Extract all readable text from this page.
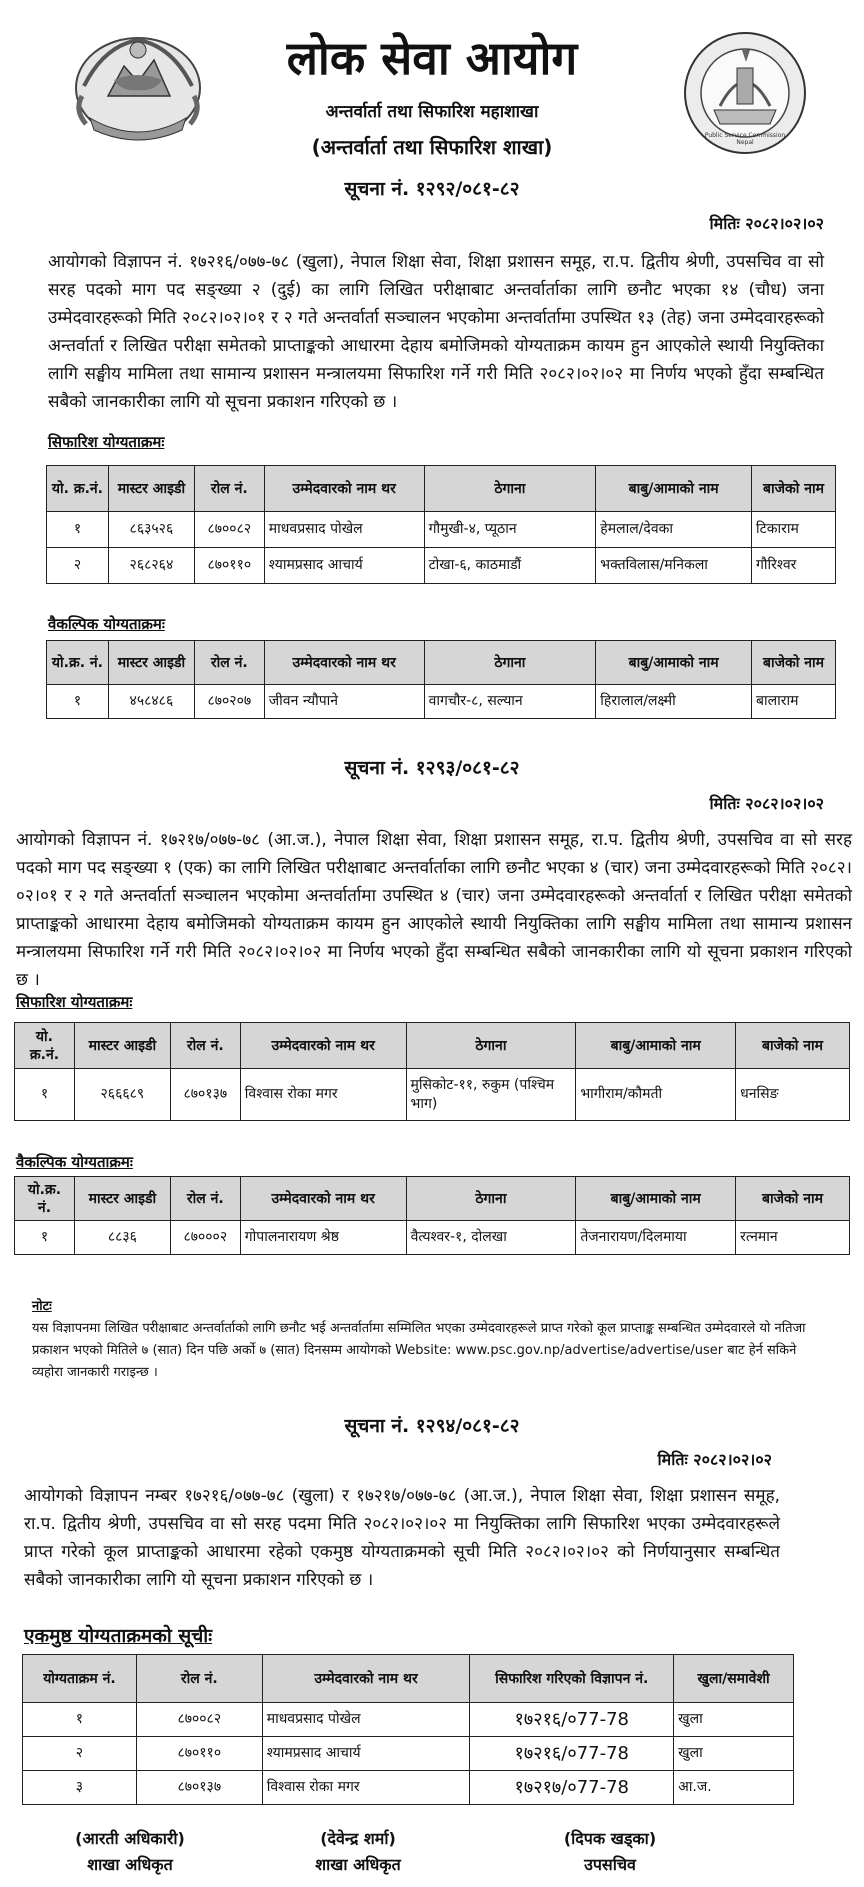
लोक सेवा आयोग
अन्तर्वार्ता तथा सिफारिश महाशाखा
(अन्तर्वार्ता तथा सिफारिश शाखा)	Public Service Commission Nepal
सूचना नं. १२९२/०८१-८२
मितिः २०८२।०२।०२
आयोगको विज्ञापन नं. १७२१६/०७७-७८ (खुला), नेपाल शिक्षा सेवा, शिक्षा प्रशासन समूह, रा.प. द्वितीय श्रेणी, उपसचिव वा सो सरह पदको माग पद सङ्ख्या २ (दुई) का लागि लिखित परीक्षाबाट अन्तर्वार्ताका लागि छनौट भएका १४ (चौध) जना उम्मेदवारहरूको मिति २०८२।०२।०१ र २ गते अन्तर्वार्ता सञ्चालन भएकोमा अन्तर्वार्तामा उपस्थित १३ (तेह) जना उम्मेदवारहरूको अन्तर्वार्ता र लिखित परीक्षा समेतको प्राप्ताङ्कको आधारमा देहाय बमोजिमको योग्यताक्रम कायम हुन आएकोले स्थायी नियुक्तिका लागि सङ्घीय मामिला तथा सामान्य प्रशासन मन्त्रालयमा सिफारिश गर्ने गरी मिति २०८२।०२।०२ मा निर्णय भएको हुँदा सम्बन्धित सबैको जानकारीका लागि यो सूचना प्रकाशन गरिएको छ ।
सिफारिश योग्यताक्रमः
यो. क्र.नं.	मास्टर आइडी	रोल नं.	उम्मेदवारको नाम थर	ठेगाना	बाबु/आमाको नाम	बाजेको नाम
१	८६३५२६	८७००८२	माधवप्रसाद पोखेल	गौमुखी-४, प्यूठान	हेमलाल/देवका	टिकाराम
२	२६८२६४	८७०११०	श्यामप्रसाद आचार्य	टोखा-६, काठमाडौं	भक्तविलास/मनिकला	गौरिश्वर
वैकल्पिक योग्यताक्रमः
यो.क्र. नं.	मास्टर आइडी	रोल नं.	उम्मेदवारको नाम थर	ठेगाना	बाबु/आमाको नाम	बाजेको नाम
१	४५८४८६	८७०२०७	जीवन न्यौपाने	वागचौर-८, सल्यान	हिरालाल/लक्ष्मी	बालाराम
सूचना नं. १२९३/०८१-८२
मितिः २०८२।०२।०२
आयोगको विज्ञापन नं. १७२१७/०७७-७८ (आ.ज.), नेपाल शिक्षा सेवा, शिक्षा प्रशासन समूह, रा.प. द्वितीय श्रेणी, उपसचिव वा सो सरह पदको माग पद सङ्ख्या १ (एक) का लागि लिखित परीक्षाबाट अन्तर्वार्ताका लागि छनौट भएका ४ (चार) जना उम्मेदवारहरूको मिति २०८२।०२।०१ र २ गते अन्तर्वार्ता सञ्चालन भएकोमा अन्तर्वार्तामा उपस्थित ४ (चार) जना उम्मेदवारहरूको अन्तर्वार्ता र लिखित परीक्षा समेतको प्राप्ताङ्कको आधारमा देहाय बमोजिमको योग्यताक्रम कायम हुन आएकोले स्थायी नियुक्तिका लागि सङ्घीय मामिला तथा सामान्य प्रशासन मन्त्रालयमा सिफारिश गर्ने गरी मिति २०८२।०२।०२ मा निर्णय भएको हुँदा सम्बन्धित सबैको जानकारीका लागि यो सूचना प्रकाशन गरिएको छ ।
सिफारिश योग्यताक्रमः
यो. क्र.नं.	मास्टर आइडी	रोल नं.	उम्मेदवारको नाम थर	ठेगाना	बाबु/आमाको नाम	बाजेको नाम
१	२६६६८९	८७०१३७	विश्वास रोका मगर	मुसिकोट-११, रुकुम (पश्चिम भाग)	भागीराम/कौमती	धनसिङ
वैकल्पिक योग्यताक्रमः
यो.क्र. नं.	मास्टर आइडी	रोल नं.	उम्मेदवारको नाम थर	ठेगाना	बाबु/आमाको नाम	बाजेको नाम
१	८८३६	८७०००२	गोपालनारायण श्रेष्ठ	वैत्यश्वर-१, दोलखा	तेजनारायण/दिलमाया	रत्नमान
नोटः
यस विज्ञापनमा लिखित परीक्षाबाट अन्तर्वार्ताको लागि छनौट भई अन्तर्वार्तामा सम्मिलित भएका उम्मेदवारहरूले प्राप्त गरेको कूल प्राप्ताङ्क सम्बन्धित उम्मेदवारले यो नतिजा प्रकाशन भएको मितिले ७ (सात) दिन पछि अर्को ७ (सात) दिनसम्म आयोगको Website: www.psc.gov.np/advertise/advertise/user बाट हेर्न सकिने व्यहोरा जानकारी गराइन्छ ।
सूचना नं. १२९४/०८१-८२
मितिः २०८२।०२।०२
आयोगको विज्ञापन नम्बर १७२१६/०७७-७८ (खुला) र १७२१७/०७७-७८ (आ.ज.), नेपाल शिक्षा सेवा, शिक्षा प्रशासन समूह, रा.प. द्वितीय श्रेणी, उपसचिव वा सो सरह पदमा मिति २०८२।०२।०२ मा नियुक्तिका लागि सिफारिश भएका उम्मेदवारहरूले प्राप्त गरेको कूल प्राप्ताङ्कको आधारमा रहेको एकमुष्ठ योग्यताक्रमको सूची मिति २०८२।०२।०२ को निर्णयानुसार सम्बन्धित सबैको जानकारीका लागि यो सूचना प्रकाशन गरिएको छ ।
एकमुष्ठ योग्यताक्रमको सूचीः
योग्यताक्रम नं.	रोल नं.	उम्मेदवारको नाम थर	सिफारिश गरिएको विज्ञापन नं.	खुला/समावेशी
१	८७००८२	माधवप्रसाद पोखेल	१७२१६/०77-78	खुला
२	८७०११०	श्यामप्रसाद आचार्य	१७२१६/०77-78	खुला
३	८७०१३७	विश्वास रोका मगर	१७२१७/०77-78	आ.ज.
(आरती अधिकारी)
शाखा अधिकृत
(देवेन्द्र शर्मा)
शाखा अधिकृत
(दिपक खड्का)
उपसचिव
